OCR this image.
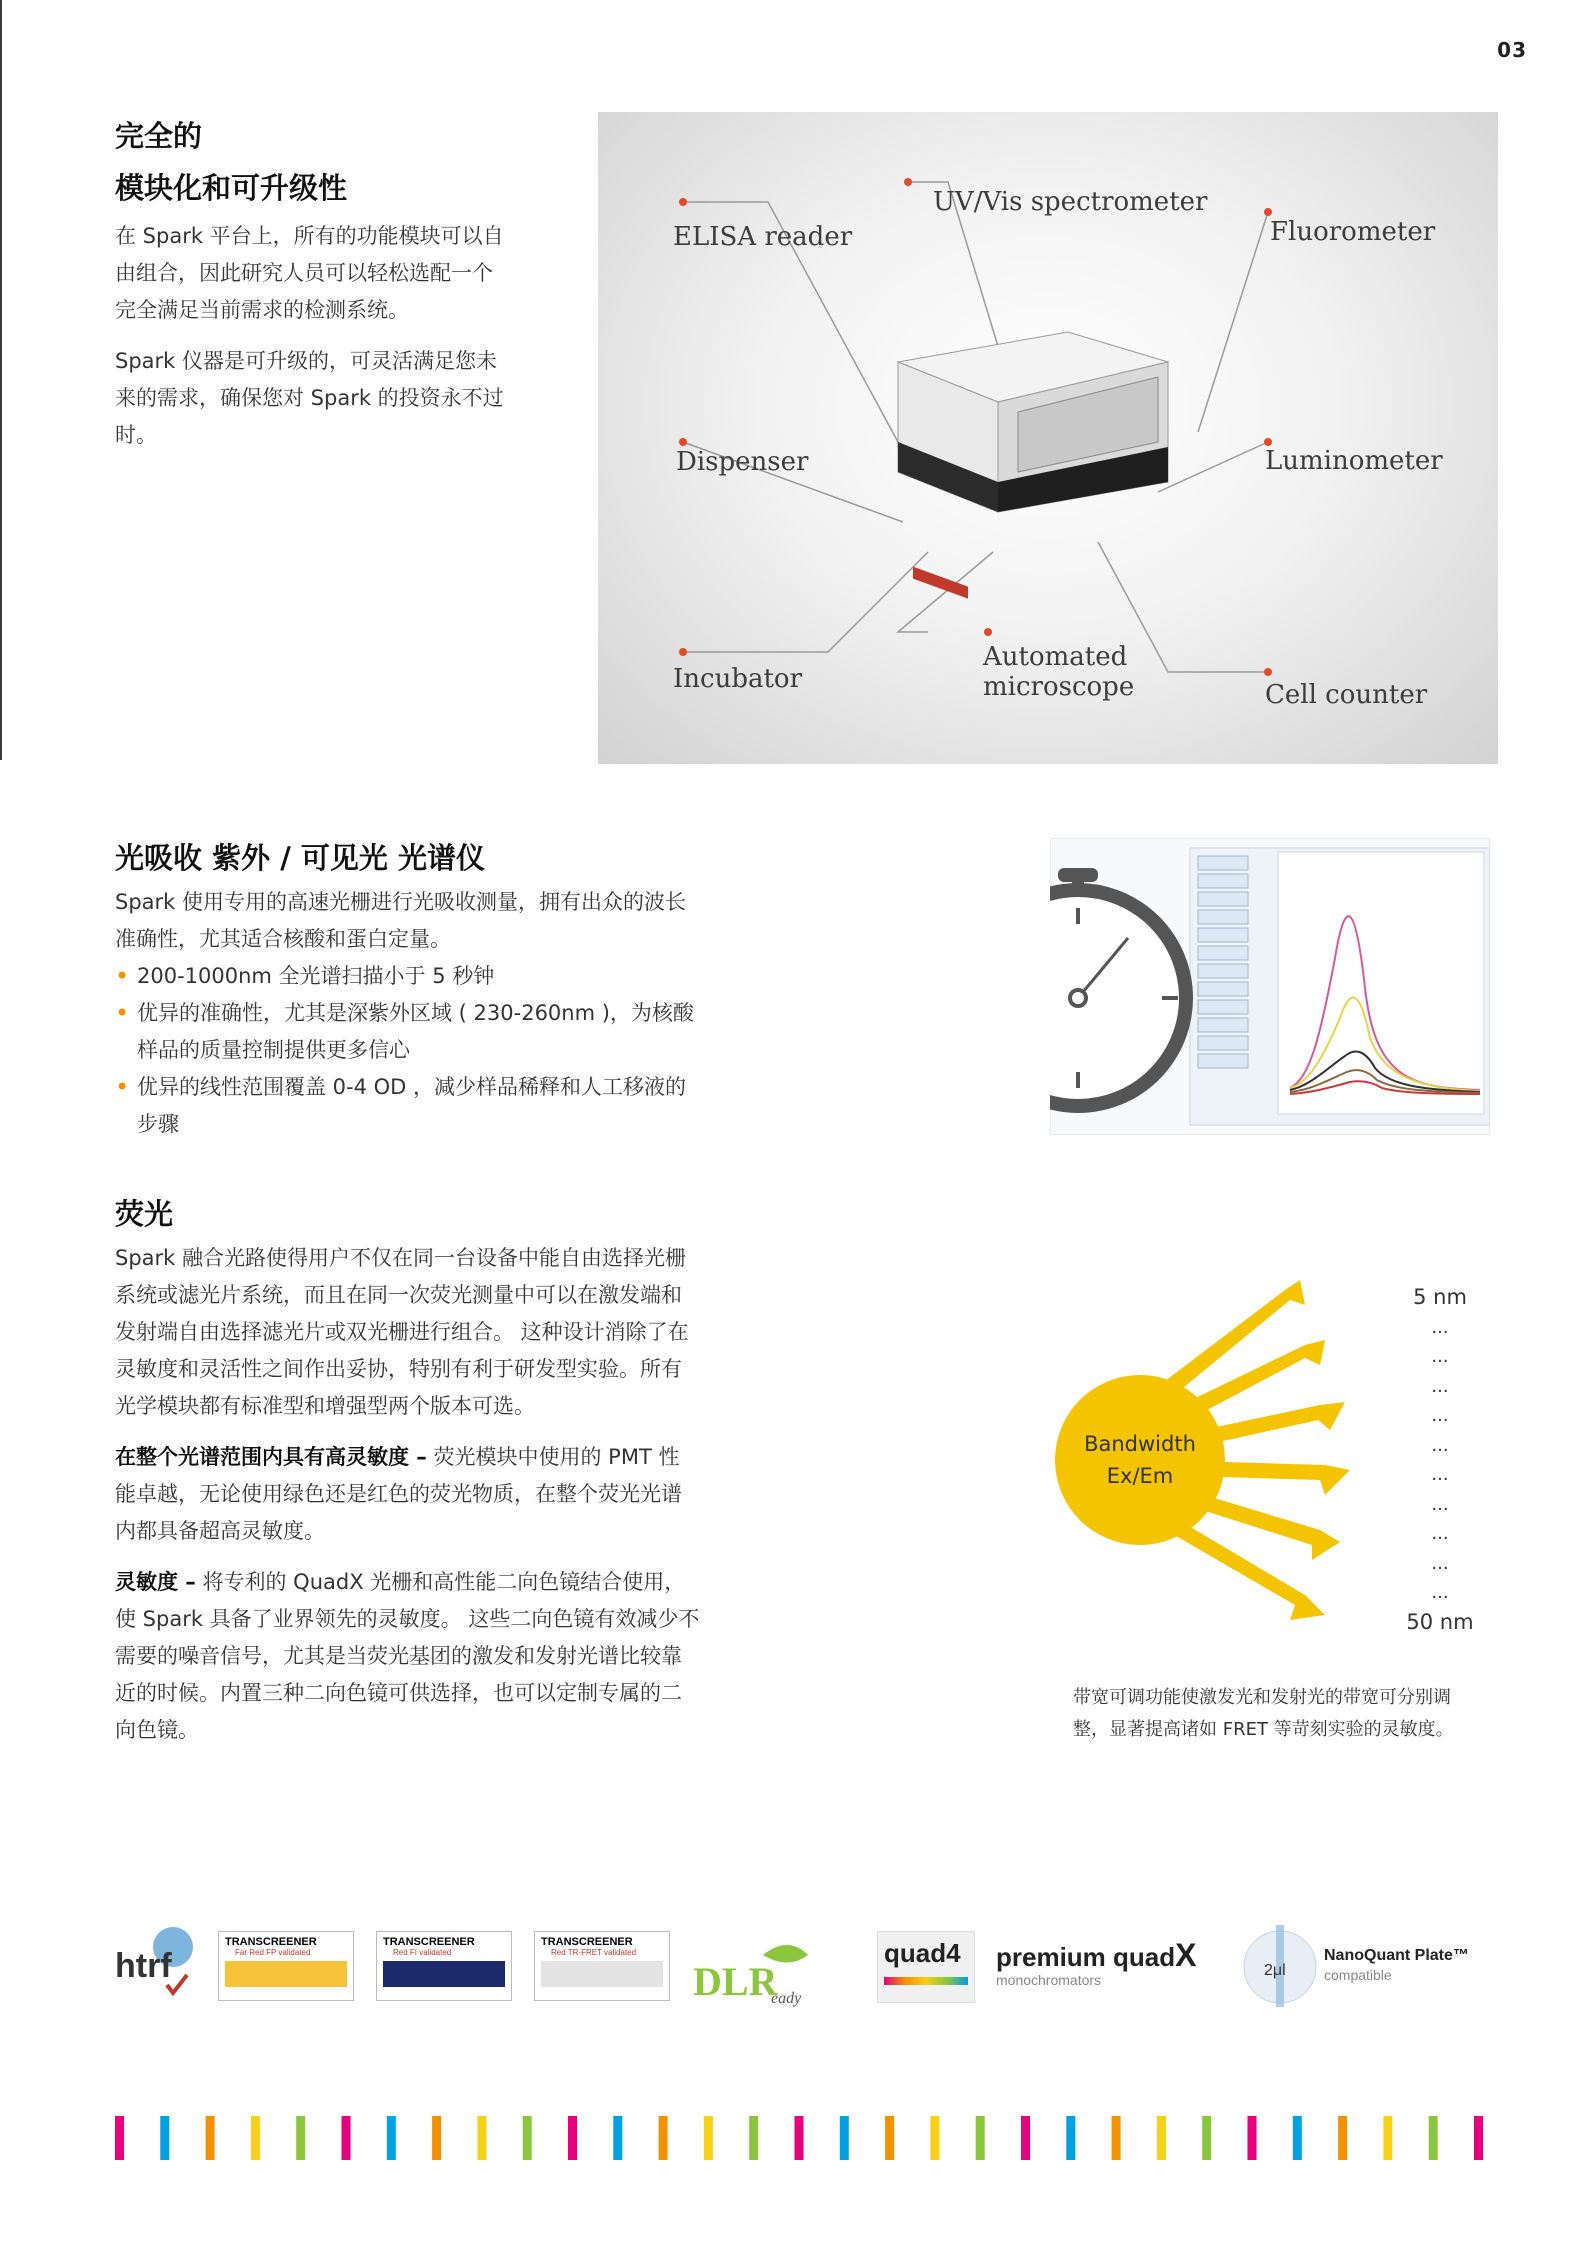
03
完全的
模块化和可升级性
在 Spark 平台上，所有的功能模块可以自
由组合，因此研究人员可以轻松选配一个
完全满足当前需求的检测系统。
Spark 仪器是可升级的，可灵活满足您未
来的需求，确保您对 Spark 的投资永不过
时。
ELISA reader
UV/Vis spectrometer
Fluorometer
Dispenser	Luminometer
Incubator
Automated
microscope	Cell counter
光吸收 紫外 / 可见光 光谱仪
Spark 使用专用的高速光栅进行光吸收测量，拥有出众的波长
准确性，尤其适合核酸和蛋白定量。
• 200-1000nm 全光谱扫描小于 5 秒钟
• 优异的准确性，尤其是深紫外区域 ( 230-260nm )，为核酸
样品的质量控制提供更多信心
• 优异的线性范围覆盖 0-4 OD ，减少样品稀释和人工移液的
步骤
荧光
Spark 融合光路使得用户不仅在同一台设备中能自由选择光栅
系统或滤光片系统，而且在同一次荧光测量中可以在激发端和
发射端自由选择滤光片或双光栅进行组合。 这种设计消除了在
灵敏度和灵活性之间作出妥协，特别有利于研发型实验。所有
光学模块都有标准型和增强型两个版本可选。
在整个光谱范围内具有高灵敏度 – 荧光模块中使用的 PMT 性
能卓越，无论使用绿色还是红色的荧光物质，在整个荧光光谱
内都具备超高灵敏度。
灵敏度 – 将专利的 QuadX 光栅和高性能二向色镜结合使用，
使 Spark 具备了业界领先的灵敏度。 这些二向色镜有效减少不
需要的噪音信号，尤其是当荧光基团的激发和发射光谱比较靠
近的时候。内置三种二向色镜可供选择，也可以定制专属的二
向色镜。
Bandwidth
Ex/Em
5 nm
...
...
...
...
...
...
...
...
...
...
50 nm
带宽可调功能使激发光和发射光的带宽可分别调
整，显著提高诸如 FRET 等苛刻实验的灵敏度。
htrf
TRANSCREENER
Far Red FP validated
TRANSCREENER
Red FI validated
TRANSCREENER
Red TR-FRET validated
DLR
eady
quad4	premium quadX
monochromators
2μl
NanoQuant Plate™
compatible
